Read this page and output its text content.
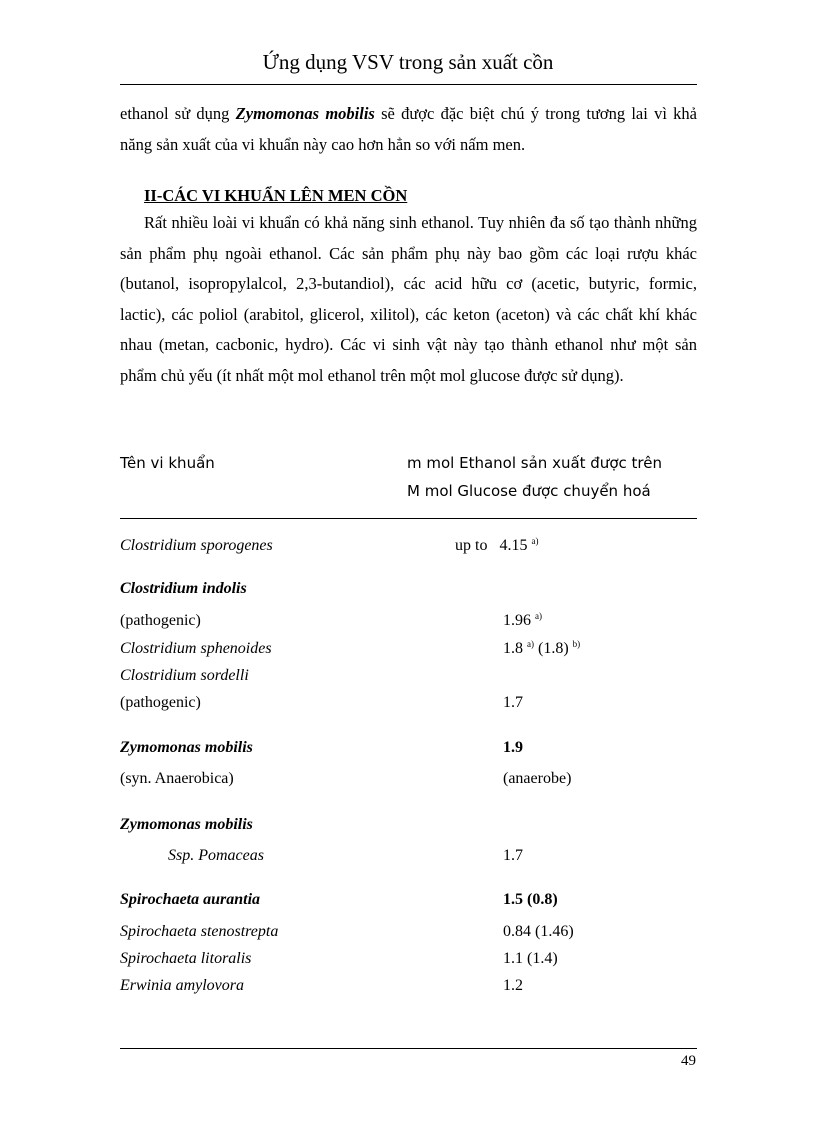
Ứng dụng VSV trong sản xuất cồn

ethanol sử dụng Zymomonas mobilis sẽ được đặc biệt chú ý trong tương lai vì khả năng sản xuất của vi khuẩn này cao hơn hẳn so với nấm men.

II-CÁC VI KHUẨN LÊN MEN CỒN

Rất nhiều loài vi khuẩn có khả năng sinh ethanol. Tuy nhiên đa số tạo thành những sản phẩm phụ ngoài ethanol. Các sản phẩm phụ này bao gồm các loại rượu khác (butanol, isopropylalcol, 2,3-butandiol), các acid hữu cơ (acetic, butyric, formic, lactic), các poliol (arabitol, glicerol, xilitol), các keton (aceton) và các chất khí khác nhau (metan, cacbonic, hydro). Các vi sinh vật này tạo thành ethanol như một sản phẩm chủ yếu (ít nhất một mol ethanol trên một mol glucose được sử dụng).

Tên vi khuẩn	m mol Ethanol sản xuất được trên
M mol Glucose được chuyển hoá
Clostridium sporogenes	up to 4.15 $^{a)}$
Clostridium indolis
(pathogenic)	1.96 $^{a)}$
Clostridium sphenoides	1.8 $^{a)}$ (1.8) $^{b)}$
Clostridium sordelli
(pathogenic)	1.7
Zymomonas mobilis	1.9
(syn. Anaerobica)	(anaerobe)
Zymomonas mobilis
Ssp. Pomaceas	1.7
Spirochaeta aurantia	1.5 (0.8)
Spirochaeta stenostrepta	0.84 (1.46)
Spirochaeta litoralis	1.1 (1.4)
Erwinia amylovora	1.2
49
